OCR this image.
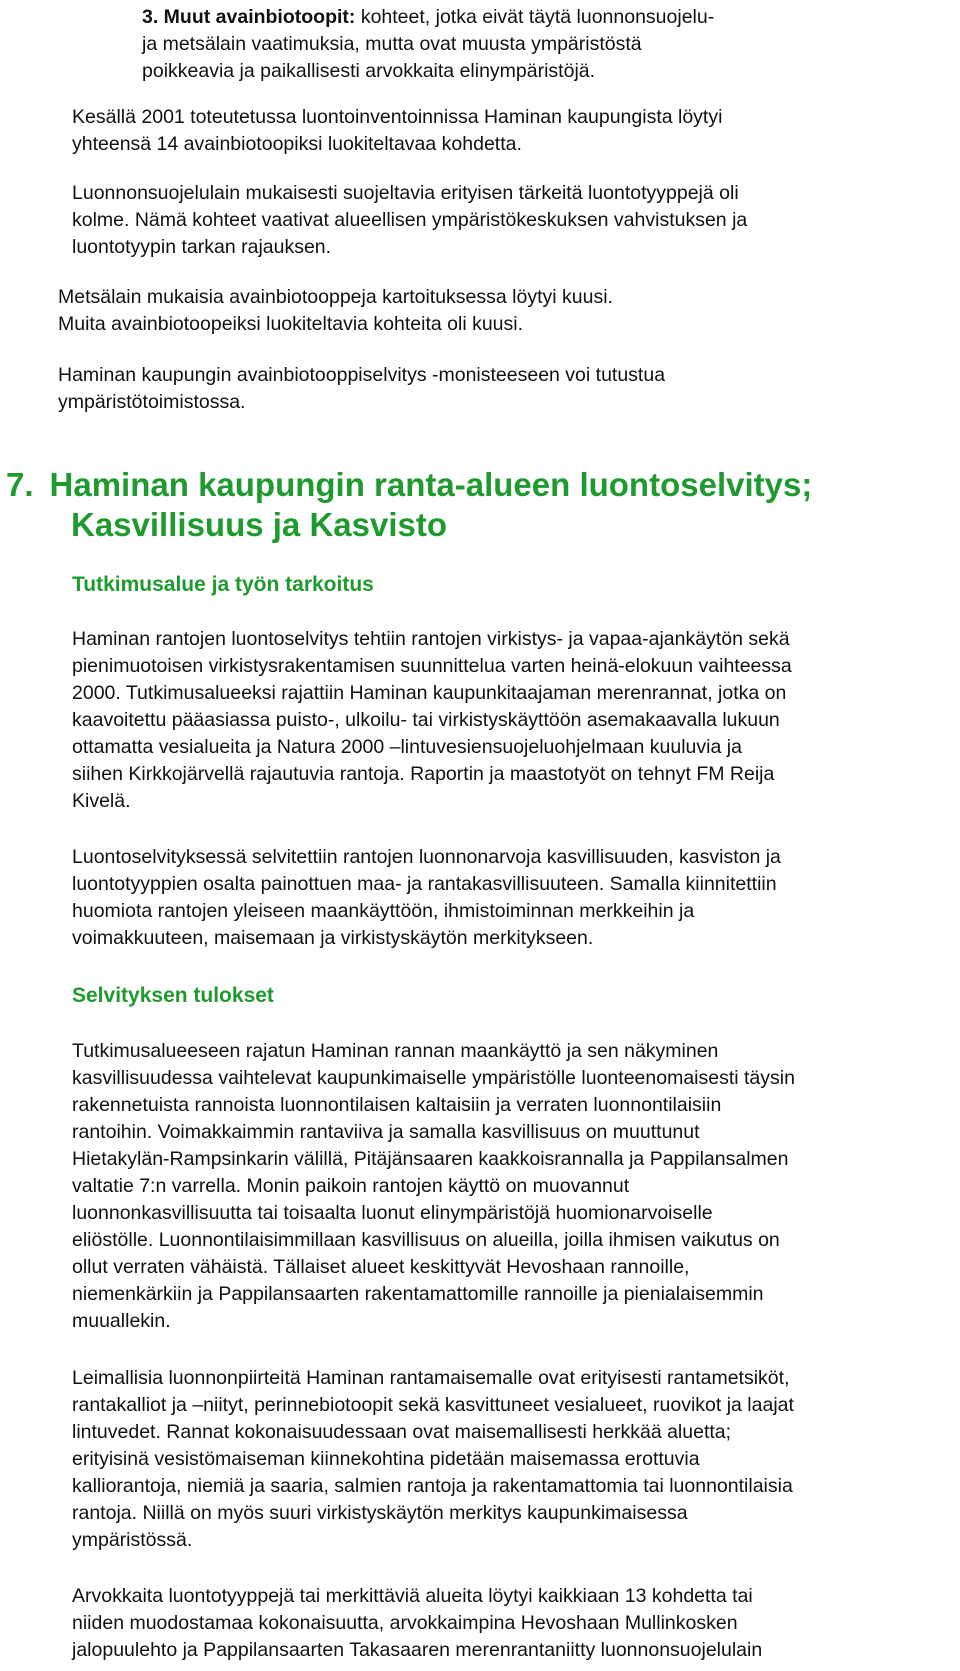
3. Muut avainbiotoopit: kohteet, jotka eivät täytä luonnonsuojelu-
ja metsälain vaatimuksia, mutta ovat muusta ympäristöstä
poikkeavia ja paikallisesti arvokkaita elinympäristöjä.
Kesällä 2001 toteutetussa luontoinventoinnissa Haminan kaupungista löytyi
yhteensä 14 avainbiotoopiksi luokiteltavaa kohdetta.
Luonnonsuojelulain mukaisesti suojeltavia erityisen tärkeitä luontotyyppejä oli
kolme. Nämä kohteet vaativat alueellisen ympäristökeskuksen vahvistuksen ja
luontotyypin tarkan rajauksen.
Metsälain mukaisia avainbiotooppeja kartoituksessa löytyi kuusi.
Muita avainbiotoopeiksi luokiteltavia kohteita oli kuusi.
Haminan kaupungin avainbiotooppiselvitys -monisteeseen voi tutustua
ympäristötoimistossa.
7. Haminan kaupungin ranta-alueen luontoselvitys;
Kasvillisuus ja Kasvisto
Tutkimusalue ja työn tarkoitus
Haminan rantojen luontoselvitys tehtiin rantojen virkistys- ja vapaa-ajankäytön sekä
pienimuotoisen virkistysrakentamisen suunnittelua varten heinä-elokuun vaihteessa
2000. Tutkimusalueeksi rajattiin Haminan kaupunkitaajaman merenrannat, jotka on
kaavoitettu pääasiassa puisto-, ulkoilu- tai virkistyskäyttöön asemakaavalla lukuun
ottamatta vesialueita ja Natura 2000 –lintuvesiensuojeluohjelmaan kuuluvia ja
siihen Kirkkojärvellä rajautuvia rantoja. Raportin ja maastotyöt on tehnyt FM Reija
Kivelä.
Luontoselvityksessä selvitettiin rantojen luonnonarvoja kasvillisuuden, kasviston ja
luontotyyppien osalta painottuen maa- ja rantakasvillisuuteen. Samalla kiinnitettiin
huomiota rantojen yleiseen maankäyttöön, ihmistoiminnan merkkeihin ja
voimakkuuteen, maisemaan ja virkistyskäytön merkitykseen.
Selvityksen tulokset
Tutkimusalueeseen rajatun Haminan rannan maankäyttö ja sen näkyminen
kasvillisuudessa vaihtelevat kaupunkimaiselle ympäristölle luonteenomaisesti täysin
rakennetuista rannoista luonnontilaisen kaltaisiin ja verraten luonnontilaisiin
rantoihin. Voimakkaimmin rantaviiva ja samalla kasvillisuus on muuttunut
Hietakylän-Rampsinkarin välillä, Pitäjänsaaren kaakkoisrannalla ja Pappilansalmen
valtatie 7:n varrella. Monin paikoin rantojen käyttö on muovannut
luonnonkasvillisuutta tai toisaalta luonut elinympäristöjä huomionarvoiselle
eliöstölle. Luonnontilaisimmillaan kasvillisuus on alueilla, joilla ihmisen vaikutus on
ollut verraten vähäistä. Tällaiset alueet keskittyvät Hevoshaan rannoille,
niemenkärkiin ja Pappilansaarten rakentamattomille rannoille ja pienialaisemmin
muuallekin.
Leimallisia luonnonpiirteitä Haminan rantamaisemalle ovat erityisesti rantametsiköt,
rantakalliot ja –niityt, perinnebiotoopit sekä kasvittuneet vesialueet, ruovikot ja laajat
lintuvedet. Rannat kokonaisuudessaan ovat maisemallisesti herkkää aluetta;
erityisinä vesistömaiseman kiinnekohtina pidetään maisemassa erottuvia
kalliorantoja, niemiä ja saaria, salmien rantoja ja rakentamattomia tai luonnontilaisia
rantoja. Niillä on myös suuri virkistyskäytön merkitys kaupunkimaisessa
ympäristössä.
Arvokkaita luontotyyppejä tai merkittäviä alueita löytyi kaikkiaan 13 kohdetta tai
niiden muodostamaa kokonaisuutta, arvokkaimpina Hevoshaan Mullinkosken
jalopuulehto ja Pappilansaarten Takasaaren merenrantaniitty luonnonsuojelulain
